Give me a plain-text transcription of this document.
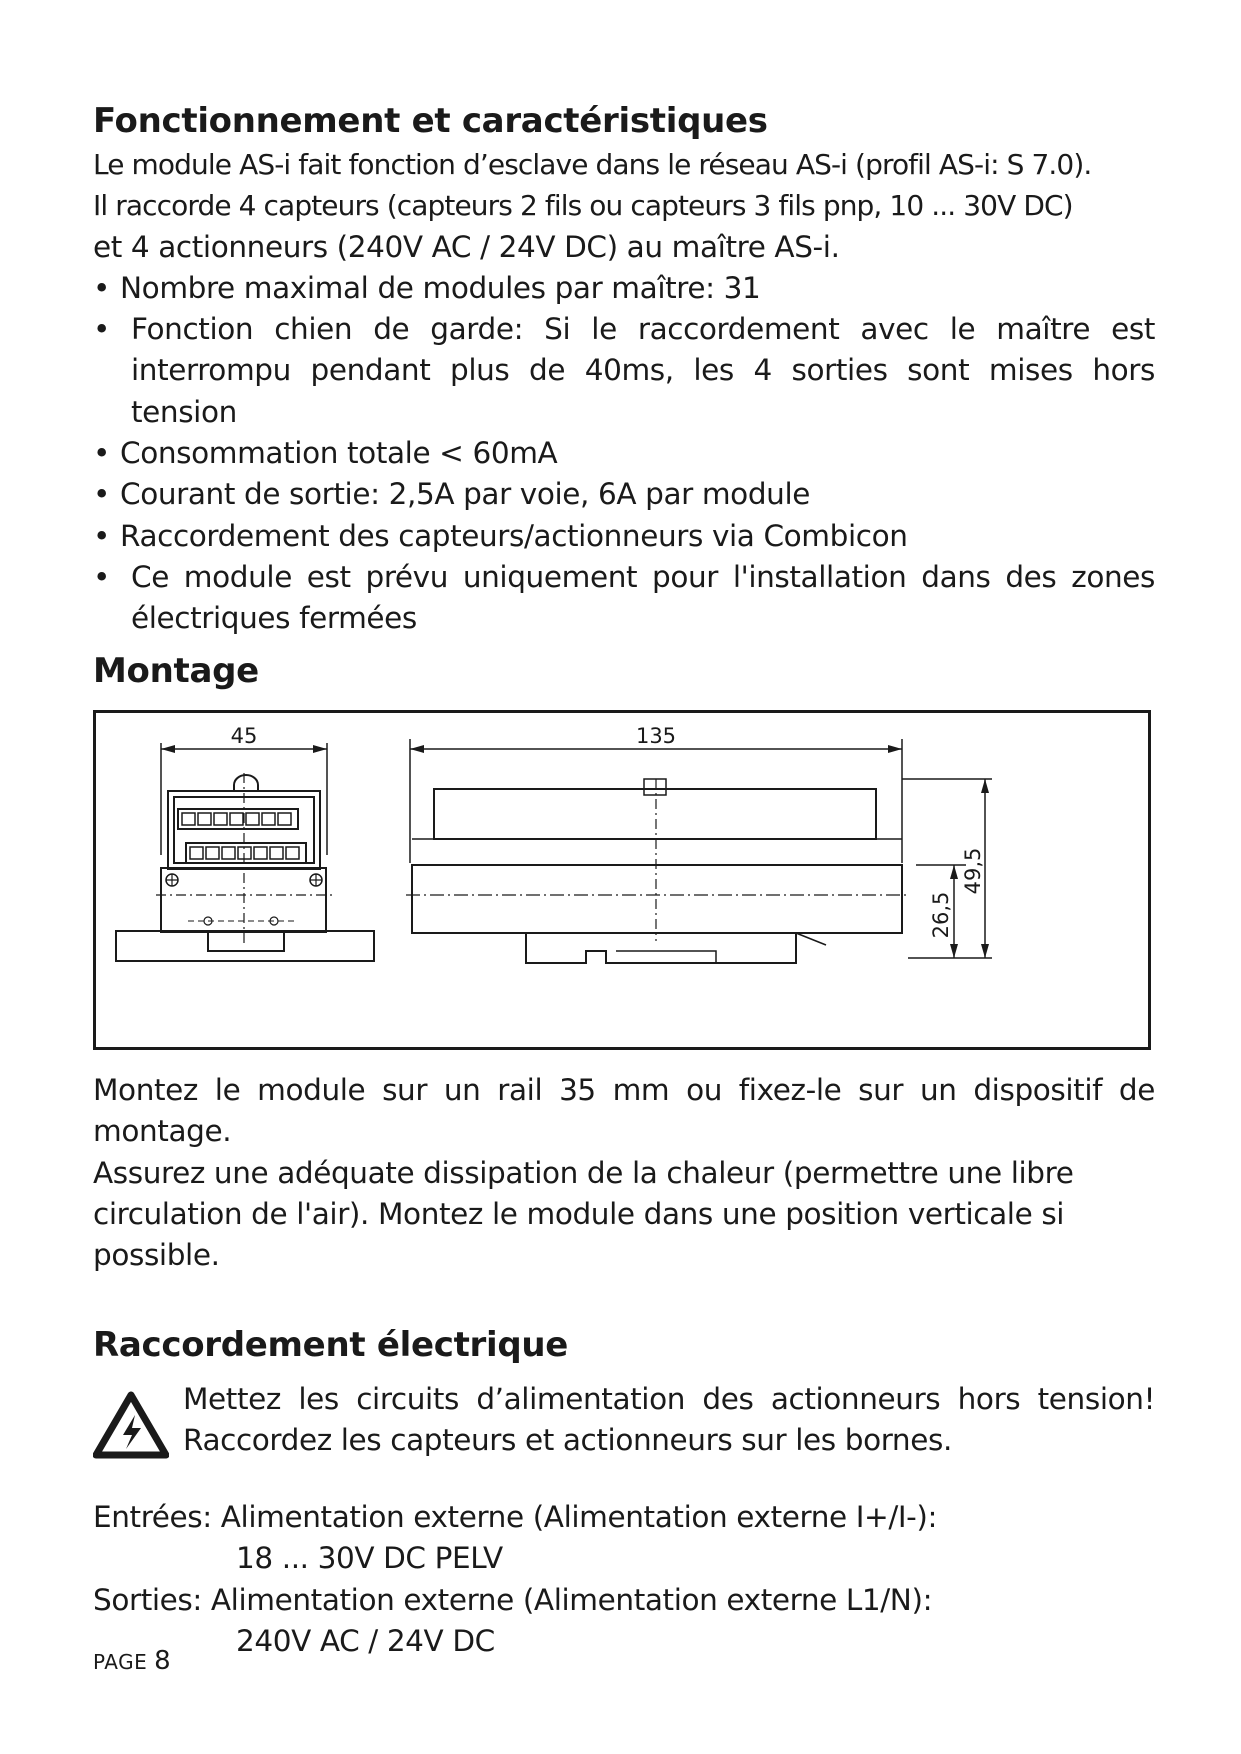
Fonctionnement et caractéristiques
Le module AS-i fait fonction d’esclave dans le réseau AS-i (profil AS-i: S 7.0).
Il raccorde 4 capteurs (capteurs 2 fils ou capteurs 3 fils pnp, 10 ... 30V DC)
et 4 actionneurs (240V AC / 24V DC) au maître AS-i.
• Nombre maximal de modules par maître: 31
• Fonction chien de garde: Si le raccordement avec le maître est interrompu pendant plus de 40ms, les 4 sorties sont mises hors tension
• Consommation totale < 60mA
• Courant de sortie: 2,5A par voie, 6A par module
• Raccordement des capteurs/actionneurs via Combicon
• Ce module est prévu uniquement pour l'installation dans des zones électriques fermées
Montage
45	135
26,5
49,5
Montez le module sur un rail 35 mm ou fixez-le sur un dispositif de montage.
Assurez une adéquate dissipation de la chaleur (permettre une libre
circulation de l'air). Montez le module dans une position verticale si
possible.
Raccordement électrique
Mettez les circuits d’alimentation des actionneurs hors tension!
Raccordez les capteurs et actionneurs sur les bornes.
Entrées: Alimentation externe (Alimentation externe I+/I-):
18 ... 30V DC PELV
Sorties: Alimentation externe (Alimentation externe L1/N):
240V AC / 24V DC
PAGE 8
